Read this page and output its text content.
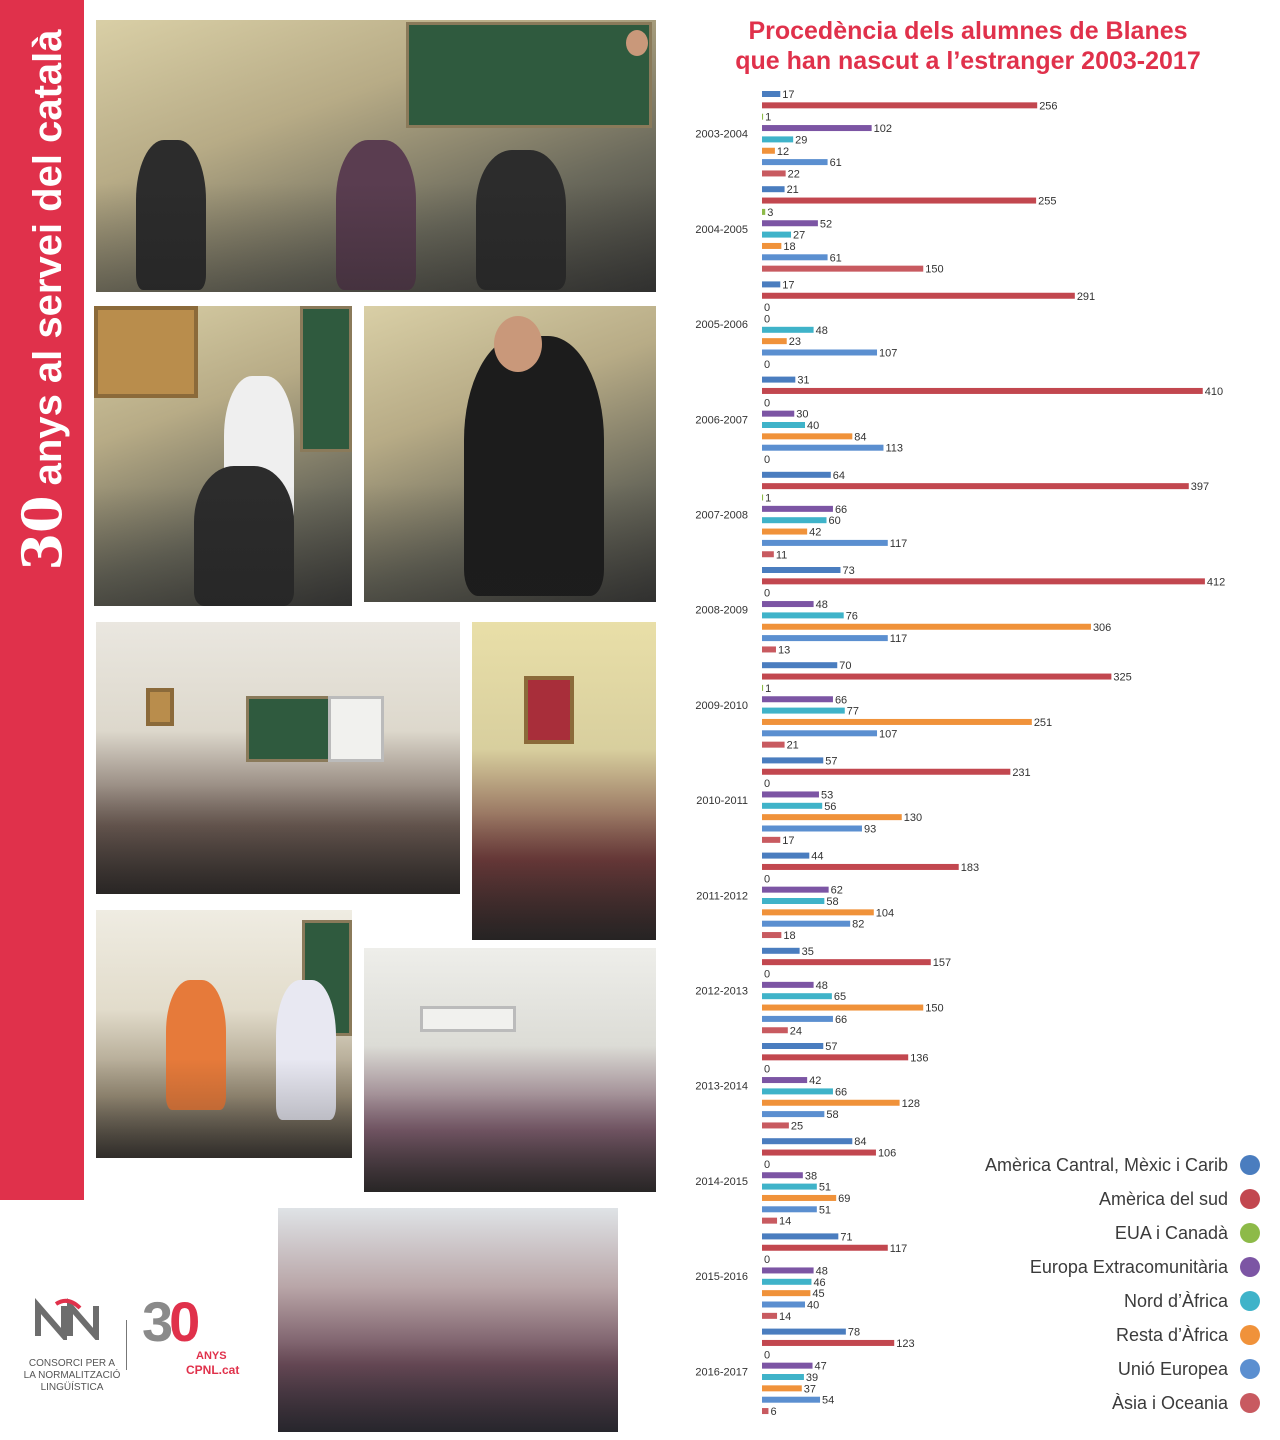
30anys al servei del català
CONSORCI PER A
LA NORMALITZACIÓ
LINGÜÍSTICA
30
ANYS
CPNL.cat
Procedència dels alumnes de Blanes
que han nascut a l’estranger 2003-2017
17
256
1
102
29
12
61
22
2003-2004
21
255
3
52
27
18
61
150
2004-2005
17
291
0
0
48
23
107
0
2005-2006
31
410
0
30
40
84
113
0
2006-2007
64
397
1
66
60
42
117
11
2007-2008
73
412
0
48
76
306
117
13
2008-2009
70
325
1
66
77
251
107
21
2009-2010
57
231
0
53
56
130
93
17
2010-2011
44
183
0
62
58
104
82
18
2011-2012
35
157
0
48
65
150
66
24
2012-2013
57
136
0
42
66
128
58
25
2013-2014
84
106
0
38
51
69
51
14
2014-2015
71
117
0
48
46
45
40
14
2015-2016
78
123
0
47
39
37
54
6
2016-2017
Amèrica Cantral, Mèxic i Carib
Amèrica del sud
EUA i Canadà
Europa Extracomunitària
Nord d’Àfrica
Resta d’Àfrica
Unió Europea
Àsia i Oceania
